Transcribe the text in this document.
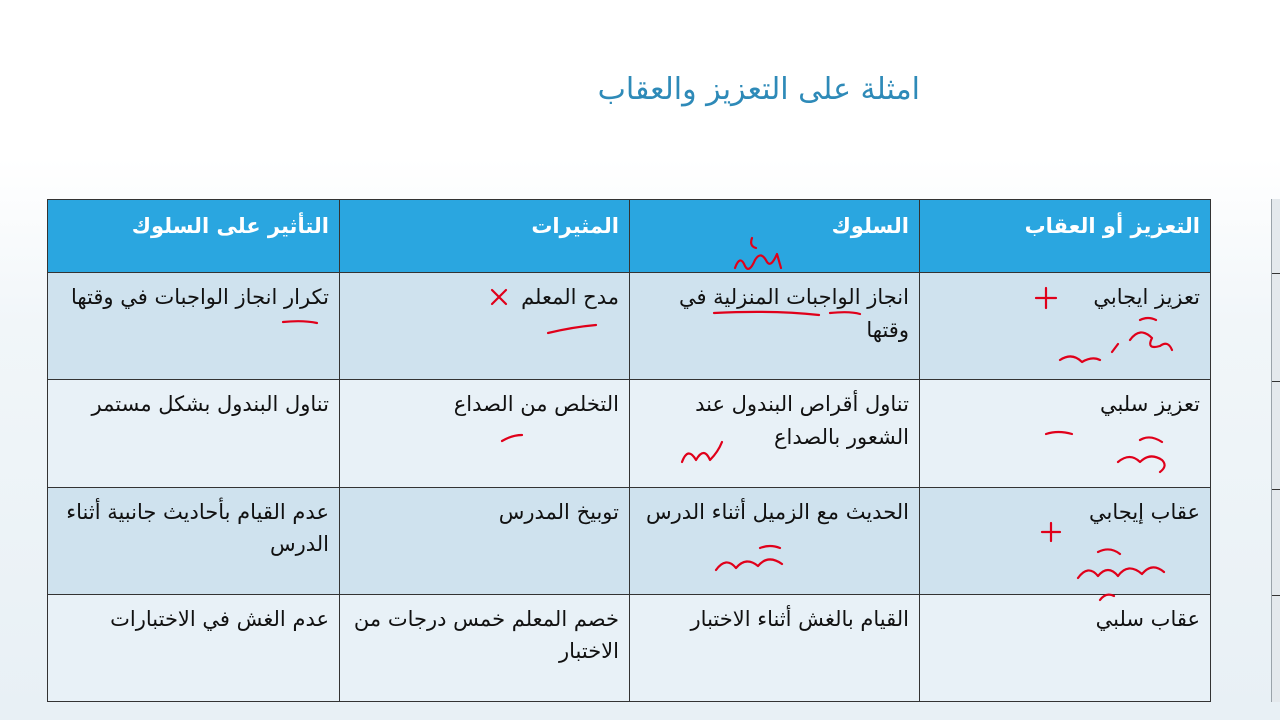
امثلة على التعزيز والعقاب
التعزيز أو العقاب	السلوك	المثيرات	التأثير على السلوك
تعزيز ايجابي	انجاز الواجبات المنزلية في وقتها	مدح المعلم	تكرار انجاز الواجبات في وقتها
تعزيز سلبي	تناول أقراص البندول عند الشعور بالصداع	التخلص من الصداع	تناول البندول بشكل مستمر
عقاب إيجابي	الحديث مع الزميل أثناء الدرس	توبيخ المدرس	عدم القيام بأحاديث جانبية أثناء الدرس
عقاب سلبي	القيام بالغش أثناء الاختبار	خصم المعلم خمس درجات من الاختبار	عدم الغش في الاختبارات
